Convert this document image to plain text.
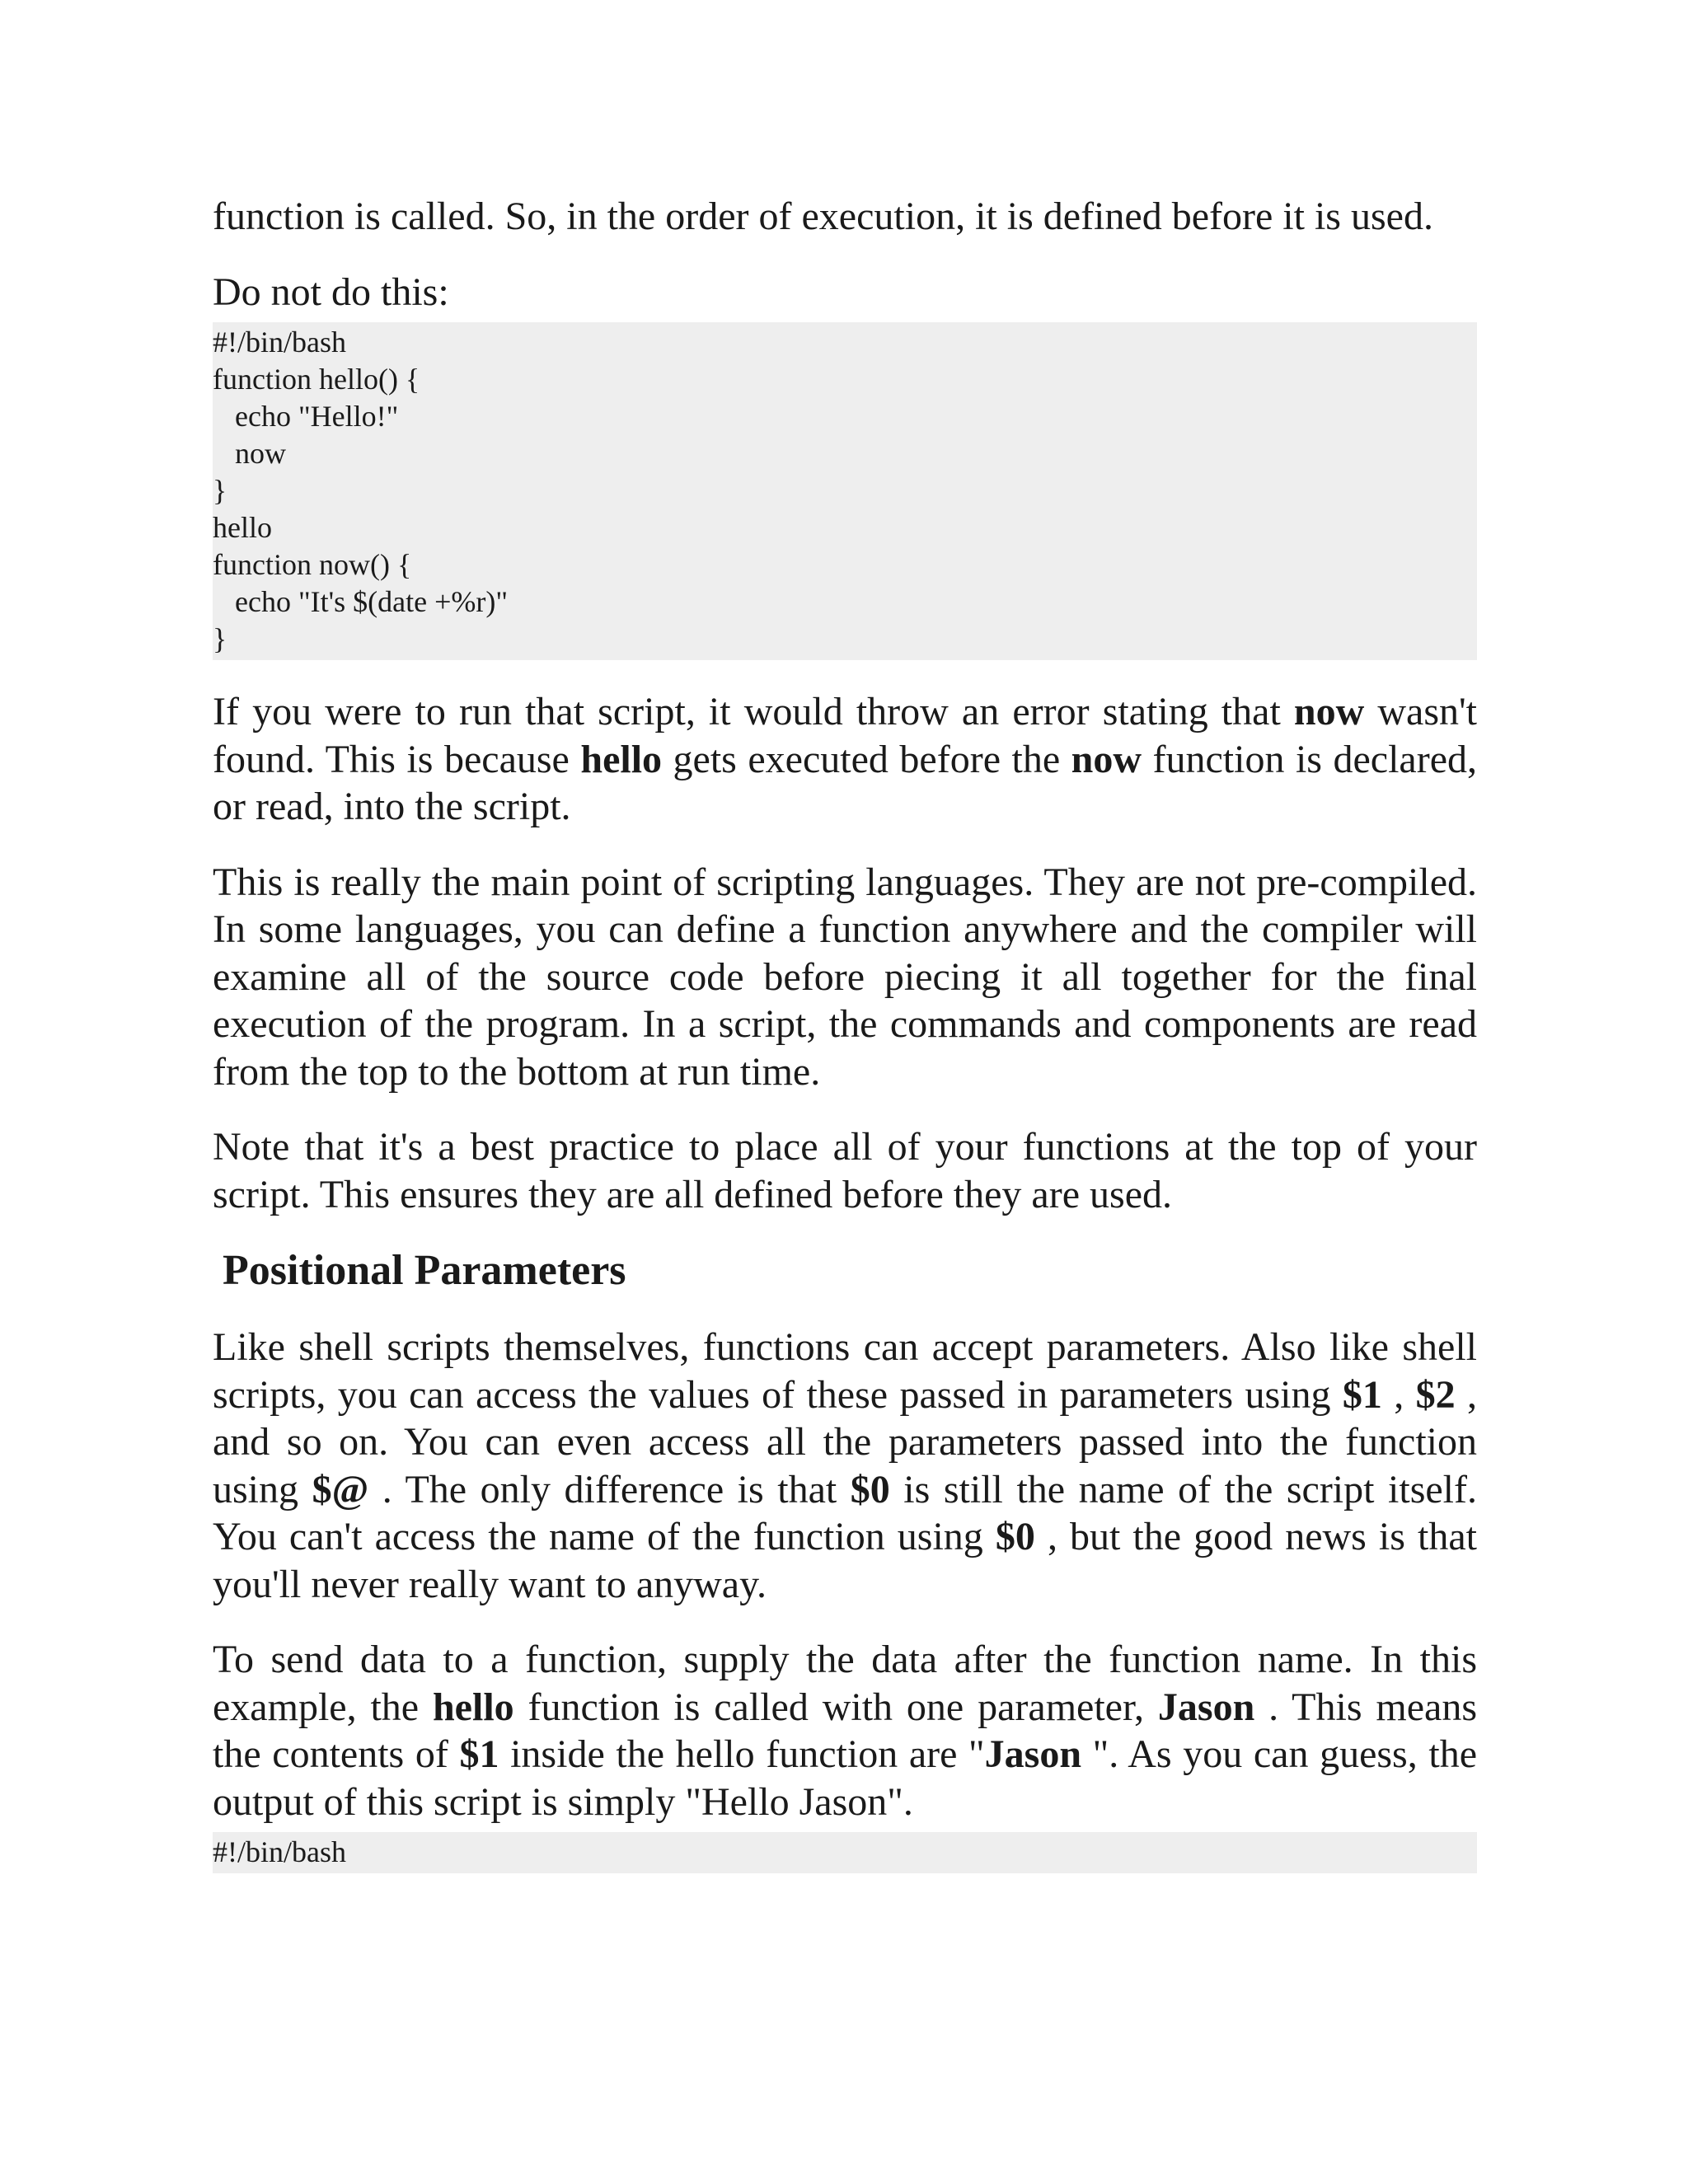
function is called. So, in the order of execution, it is defined before it is used.

Do not do this:

#!/bin/bash
function hello() {
echo "Hello!"
now
}
hello
function now() {
echo "It's $(date +%r)"
}

If you were to run that script, it would throw an error stating that now wasn't found. This is because hello gets executed before the now function is declared, or read, into the script.

This is really the main point of scripting languages. They are not pre-compiled. In some languages, you can define a function anywhere and the compiler will examine all of the source code before piecing it all together for the final execution of the program. In a script, the commands and components are read from the top to the bottom at run time.

Note that it's a best practice to place all of your functions at the top of your script. This ensures they are all defined before they are used.

Positional Parameters

Like shell scripts themselves, functions can accept parameters. Also like shell scripts, you can access the values of these passed in parameters using $1 , $2 , and so on. You can even access all the parameters passed into the function using $@ . The only difference is that $0 is still the name of the script itself. You can't access the name of the function using $0 , but the good news is that you'll never really want to anyway.

To send data to a function, supply the data after the function name. In this example, the hello function is called with one parameter, Jason . This means the contents of $1 inside the hello function are "Jason ". As you can guess, the output of this script is simply "Hello Jason".

#!/bin/bash
